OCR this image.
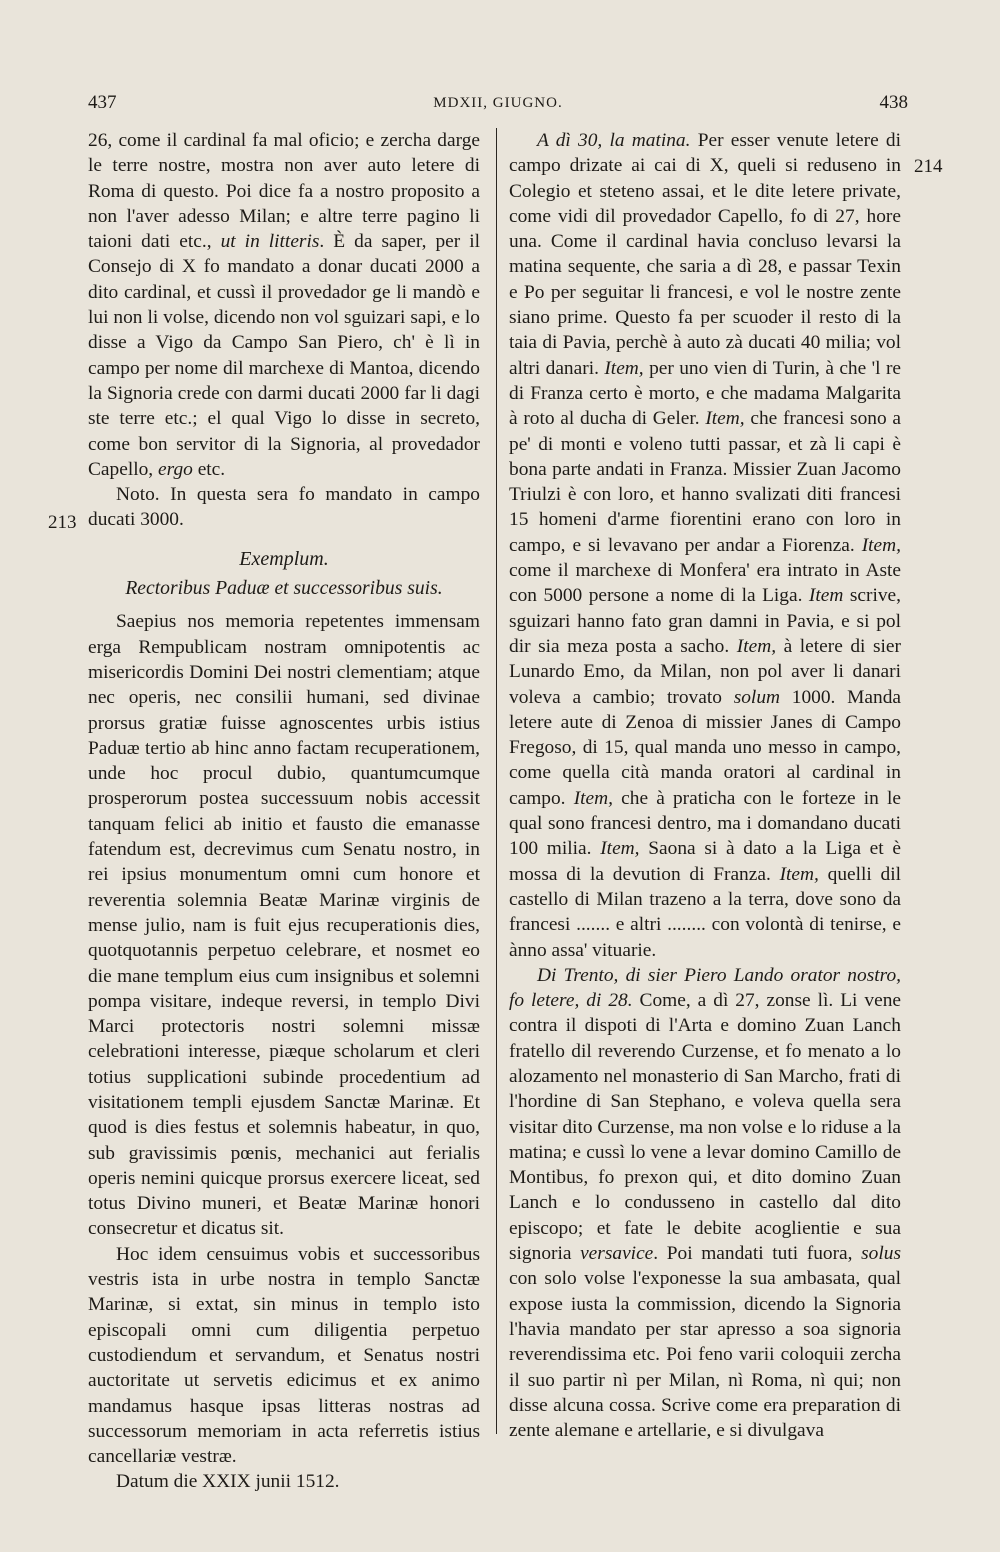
437	MDXII, GIUGNO.	438
213
214

26, come il cardinal fa mal oficio; e zercha darge le terre nostre, mostra non aver auto letere di Roma di questo. Poi dice fa a nostro proposito a non l'aver adesso Milan; e altre terre pagino li taioni dati etc., ut in litteris. È da saper, per il Consejo di X fo mandato a donar ducati 2000 a dito cardinal, et cussì il provedador ge li mandò e lui non li volse, dicendo non vol sguizari sapi, e lo disse a Vigo da Campo San Piero, ch' è lì in campo per nome dil marchexe di Mantoa, dicendo la Signoria crede con darmi ducati 2000 far li dagi ste terre etc.; el qual Vigo lo disse in secreto, come bon servitor di la Signoria, al provedador Capello, ergo etc.

Noto. In questa sera fo mandato in campo ducati 3000.

Exemplum.
Rectoribus Paduæ et successoribus suis.

Saepius nos memoria repetentes immensam erga Rempublicam nostram omnipotentis ac misericordis Domini Dei nostri clementiam; atque nec operis, nec consilii humani, sed divinae prorsus gratiæ fuisse agnoscentes urbis istius Paduæ tertio ab hinc anno factam recuperationem, unde hoc procul dubio, quantumcumque prosperorum postea successuum nobis accessit tanquam felici ab initio et fausto die emanasse fatendum est, decrevimus cum Senatu nostro, in rei ipsius monumentum omni cum honore et reverentia solemnia Beatæ Marinæ virginis de mense julio, nam is fuit ejus recuperationis dies, quotquotannis perpetuo celebrare, et nosmet eo die mane templum eius cum insignibus et solemni pompa visitare, indeque reversi, in templo Divi Marci protectoris nostri solemni missæ celebrationi interesse, piæque scholarum et cleri totius supplicationi subinde procedentium ad visitationem templi ejusdem Sanctæ Marinæ. Et quod is dies festus et solemnis habeatur, in quo, sub gravissimis pœnis, mechanici aut ferialis operis nemini quicque prorsus exercere liceat, sed totus Divino muneri, et Beatæ Marinæ honori consecretur et dicatus sit.

Hoc idem censuimus vobis et successoribus vestris ista in urbe nostra in templo Sanctæ Marinæ, si extat, sin minus in templo isto episcopali omni cum diligentia perpetuo custodiendum et servandum, et Senatus nostri auctoritate ut servetis edicimus et ex animo mandamus hasque ipsas litteras nostras ad successorum memoriam in acta referretis istius cancellariæ vestræ.

Datum die XXIX junii 1512.

A dì 30, la matina. Per esser venute letere di campo drizate ai cai di X, queli si reduseno in Colegio et steteno assai, et le dite letere private, come vidi dil provedador Capello, fo di 27, hore una. Come il cardinal havia concluso levarsi la matina sequente, che saria a dì 28, e passar Texin e Po per seguitar li francesi, e vol le nostre zente siano prime. Questo fa per scuoder il resto di la taia di Pavia, perchè à auto zà ducati 40 milia; vol altri danari. Item, per uno vien di Turin, à che 'l re di Franza certo è morto, e che madama Malgarita à roto al ducha di Geler. Item, che francesi sono a pe' di monti e voleno tutti passar, et zà li capi è bona parte andati in Franza. Missier Zuan Jacomo Triulzi è con loro, et hanno svalizati diti francesi 15 homeni d'arme fiorentini erano con loro in campo, e si levavano per andar a Fiorenza. Item, come il marchexe di Monfera' era intrato in Aste con 5000 persone a nome di la Liga. Item scrive, sguizari hanno fato gran damni in Pavia, e si pol dir sia meza posta a sacho. Item, à letere di sier Lunardo Emo, da Milan, non pol aver li danari voleva a cambio; trovato solum 1000. Manda letere aute di Zenoa di missier Janes di Campo Fregoso, di 15, qual manda uno messo in campo, come quella cità manda oratori al cardinal in campo. Item, che à praticha con le forteze in le qual sono francesi dentro, ma i domandano ducati 100 milia. Item, Saona si à dato a la Liga et è mossa di la devution di Franza. Item, quelli dil castello di Milan trazeno a la terra, dove sono da francesi ....... e altri ........ con volontà di tenirse, e ànno assa' vituarie.

Di Trento, di sier Piero Lando orator nostro, fo letere, di 28. Come, a dì 27, zonse lì. Li vene contra il dispoti di l'Arta e domino Zuan Lanch fratello dil reverendo Curzense, et fo menato a lo alozamento nel monasterio di San Marcho, frati di l'hordine di San Stephano, e voleva quella sera visitar dito Curzense, ma non volse e lo riduse a la matina; e cussì lo vene a levar domino Camillo de Montibus, fo prexon qui, et dito domino Zuan Lanch e lo condusseno in castello dal dito episcopo; et fate le debite acoglientie e sua signoria versavice. Poi mandati tuti fuora, solus con solo volse l'exponesse la sua ambasata, qual expose iusta la commission, dicendo la Signoria l'havia mandato per star apresso a soa signoria reverendissima etc. Poi feno varii coloquii zercha il suo partir nì per Milan, nì Roma, nì qui; non disse alcuna cossa. Scrive come era preparation di zente alemane e artellarie, e si divulgava
